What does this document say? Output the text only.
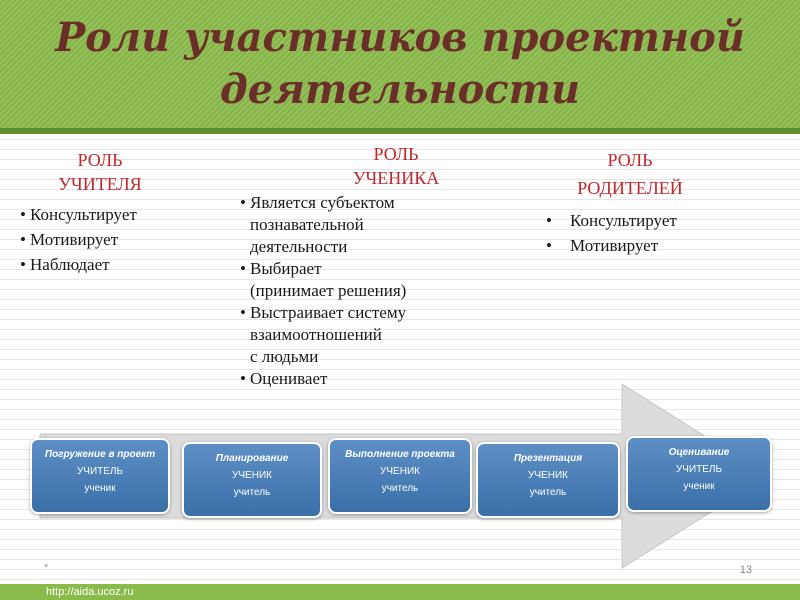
Роли участников проектной
деятельности
РОЛЬ
УЧИТЕЛЯ
• Консультирует
• Мотивирует
• Наблюдает
РОЛЬ
УЧЕНИКА
• Является субъектом
познавательной
деятельности
• Выбирает
(принимает решения)
• Выстраивает систему
взаимоотношений
с людьми
• Оценивает
РОЛЬ
РОДИТЕЛЕЙ
• Консультирует
• Мотивирует
Погружение в проект
УЧИТЕЛЬ
ученик
Планирование
УЧЕНИК
учитель
Выполнение проекта
УЧЕНИК
учитель
Презентация
УЧЕНИК
учитель
Оценивание
УЧИТЕЛЬ
ученик
*	13
http://aida.ucoz.ru
